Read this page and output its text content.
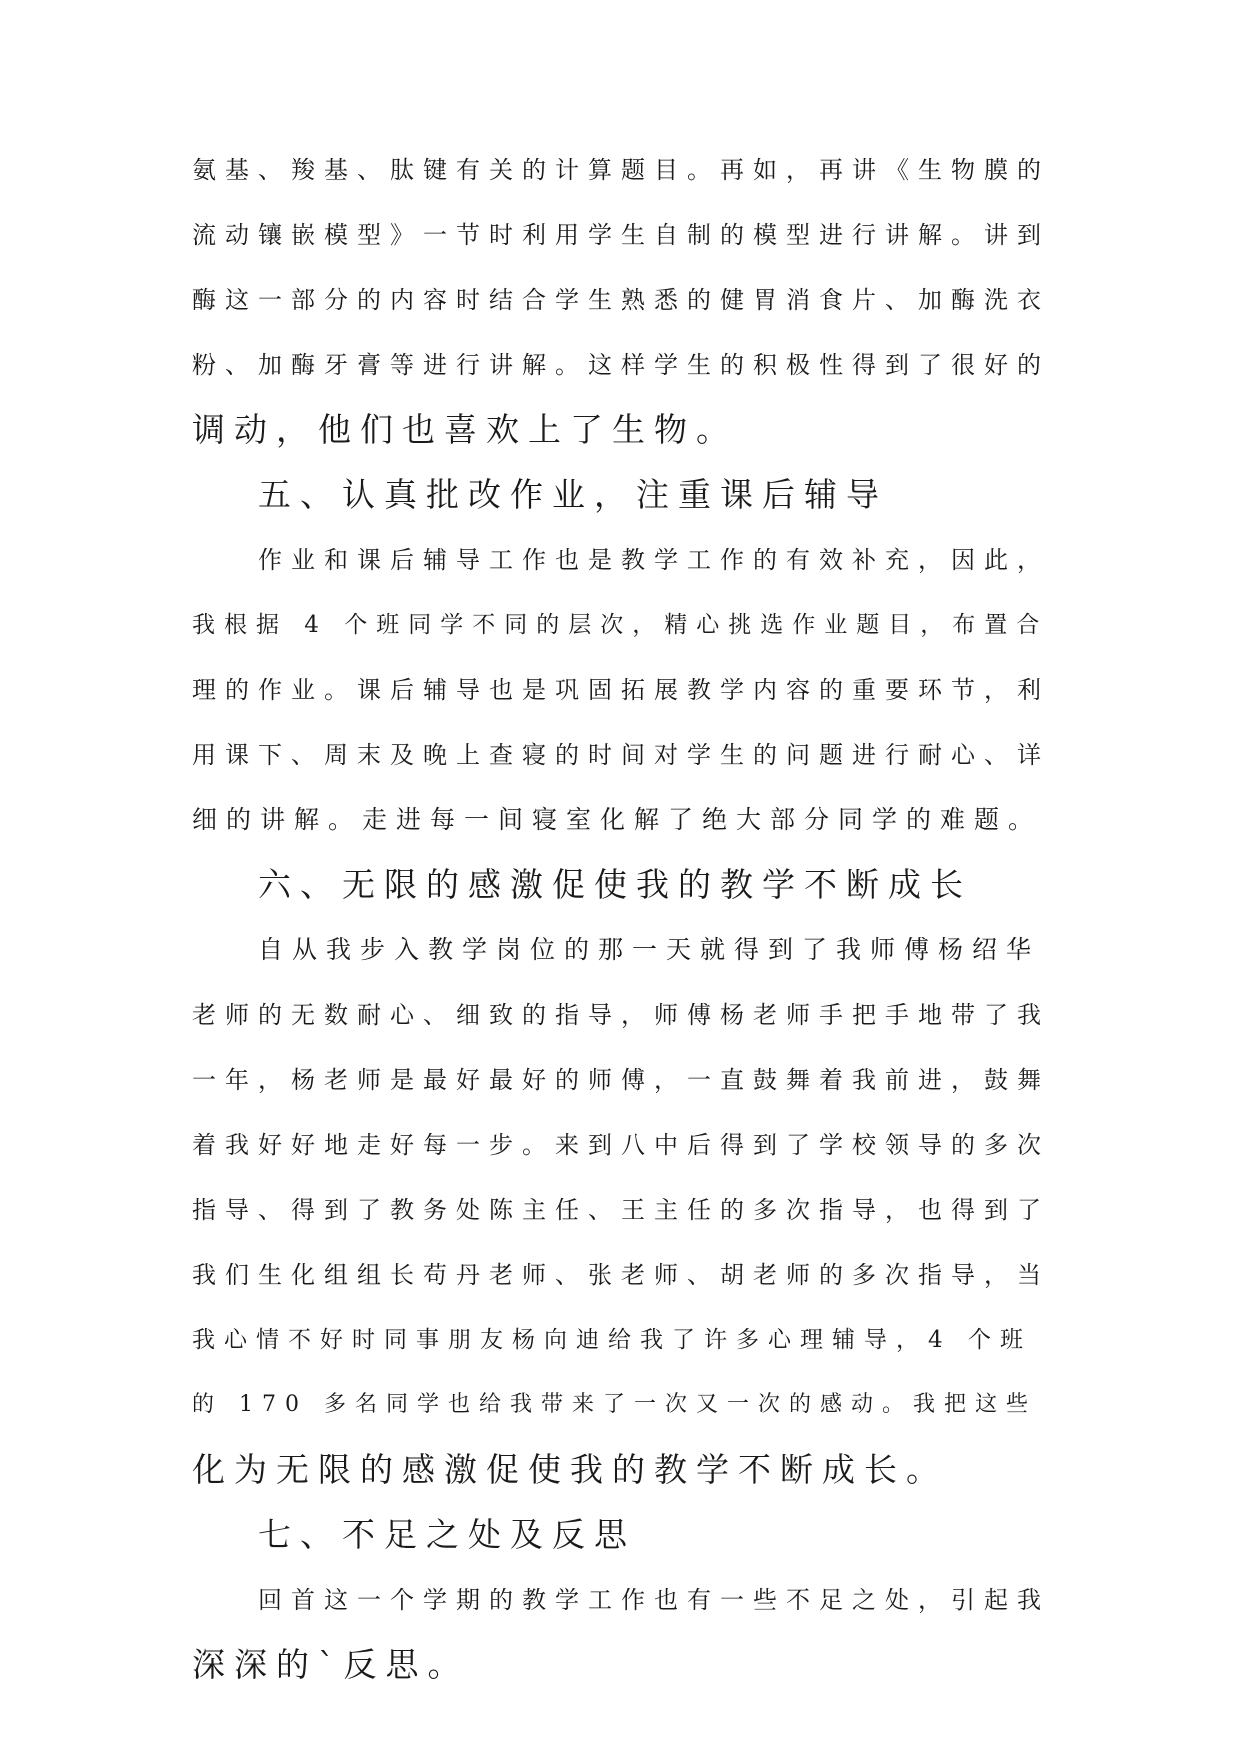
氨基、羧基、肽键有关的计算题目。再如，再讲《生物膜的
流动镶嵌模型》一节时利用学生自制的模型进行讲解。讲到
酶这一部分的内容时结合学生熟悉的健胃消食片、加酶洗衣
粉、加酶牙膏等进行讲解。这样学生的积极性得到了很好的
调动，他们也喜欢上了生物。
五、认真批改作业，注重课后辅导
作业和课后辅导工作也是教学工作的有效补充，因此，
我根据 4 个班同学不同的层次，精心挑选作业题目，布置合
理的作业。课后辅导也是巩固拓展教学内容的重要环节，利
用课下、周末及晚上查寝的时间对学生的问题进行耐心、详
细的讲解。走进每一间寝室化解了绝大部分同学的难题。
六、无限的感激促使我的教学不断成长
自从我步入教学岗位的那一天就得到了我师傅杨绍华
老师的无数耐心、细致的指导，师傅杨老师手把手地带了我
一年，杨老师是最好最好的师傅，一直鼓舞着我前进，鼓舞
着我好好地走好每一步。来到八中后得到了学校领导的多次
指导、得到了教务处陈主任、王主任的多次指导，也得到了
我们生化组组长苟丹老师、张老师、胡老师的多次指导，当
我心情不好时同事朋友杨向迪给我了许多心理辅导，4 个班
的 170 多名同学也给我带来了一次又一次的感动。我把这些
化为无限的感激促使我的教学不断成长。
七、不足之处及反思
回首这一个学期的教学工作也有一些不足之处，引起我
深深的`反思。
